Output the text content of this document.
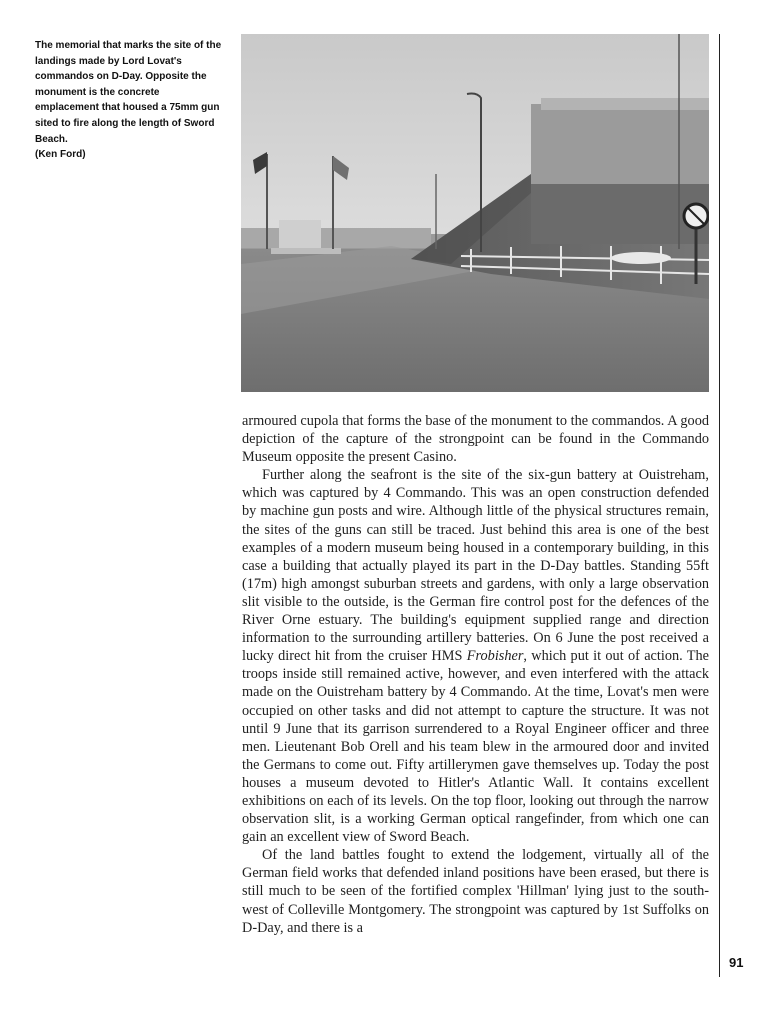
The memorial that marks the site of the landings made by Lord Lovat's commandos on D-Day. Opposite the monument is the concrete emplacement that housed a 75mm gun sited to fire along the length of Sword Beach.
(Ken Ford)

armoured cupola that forms the base of the monument to the commandos. A good depiction of the capture of the strongpoint can be found in the Commando Museum opposite the present Casino.

Further along the seafront is the site of the six-gun battery at Ouistreham, which was captured by 4 Commando. This was an open construction defended by machine gun posts and wire. Although little of the physical structures remain, the sites of the guns can still be traced. Just behind this area is one of the best examples of a modern museum being housed in a contemporary building, in this case a building that actually played its part in the D-Day battles. Standing 55ft (17m) high amongst suburban streets and gardens, with only a large observation slit visible to the outside, is the German fire control post for the defences of the River Orne estuary. The building's equipment supplied range and direction information to the surrounding artillery batteries. On 6 June the post received a lucky direct hit from the cruiser HMS Frobisher, which put it out of action. The troops inside still remained active, however, and even interfered with the attack made on the Ouistreham battery by 4 Commando. At the time, Lovat's men were occupied on other tasks and did not attempt to capture the structure. It was not until 9 June that its garrison surrendered to a Royal Engineer officer and three men. Lieutenant Bob Orell and his team blew in the armoured door and invited the Germans to come out. Fifty artillerymen gave themselves up. Today the post houses a museum devoted to Hitler's Atlantic Wall. It contains excellent exhibitions on each of its levels. On the top floor, looking out through the narrow observation slit, is a working German optical rangefinder, from which one can gain an excellent view of Sword Beach.

Of the land battles fought to extend the lodgement, virtually all of the German field works that defended inland positions have been erased, but there is still much to be seen of the fortified complex 'Hillman' lying just to the south-west of Colleville Montgomery. The strongpoint was captured by 1st Suffolks on D-Day, and there is a

91
